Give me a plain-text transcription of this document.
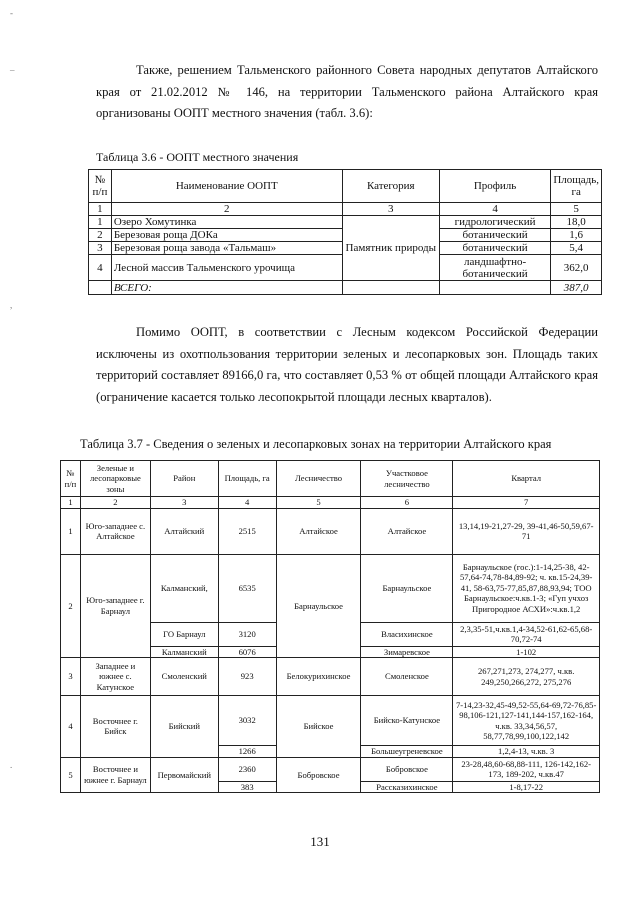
-
_
,
.
Также, решением Тальменского районного Совета народных депутатов Алтайского края от 21.02.2012 № 146, на территории Тальменского района Алтайского края организованы ООПТ местного значения (табл. 3.6):
Таблица 3.6 - ООПТ местного значения
№ п/п	Наименование ООПТ	Категория	Профиль	Площадь, га
1	2	3	4	5
1	Озеро Хомутинка	Памятник природы	гидрологический	18,0
2	Березовая роща ДОКа		ботанический	1,6
3	Березовая роща завода «Тальмаш»		ботанический	5,4
4	Лесной массив Тальменского урочища		ландшафтно-ботанический	362,0
	ВСЕГО:			387,0
Помимо ООПТ, в соответствии с Лесным кодексом Российской Федерации исключены из охотпользования территории зеленых и лесопарковых зон. Площадь таких территорий составляет 89166,0 га, что составляет 0,53 % от общей площади Алтайского края (ограничение касается только лесопокрытой площади лесных кварталов).
Таблица 3.7 - Сведения о зеленых и лесопарковых зонах на территории Алтайского края
№ п/п	Зеленые и лесопарковые зоны	Район	Площадь, га	Лесничество	Участковое лесничество	Квартал
1	2	3	4	5	6	7
1	Юго-западнее с. Алтайское	Алтайский	2515	Алтайское	Алтайское	13,14,19-21,27-29, 39-41,46-50,59,67-71
2	Юго-западнее г. Барнаул	Калманский,	6535	Барнаульское	Барнаульское	Барнаульское (гос.):1-14,25-38, 42-57,64-74,78-84,89-92; ч. кв.15-24,39-41, 58-63,75-77,85,87,88,93,94; ТОО Барнаульское:ч.кв.1-3; «Гуп учхоз Пригородное АСХИ»:ч.кв.1,2
		ГО Барнаул	3120		Власихинское	2,3,35-51,ч.кв.1,4-34,52-61,62-65,68-70,72-74
		Калманский	6076		Зимаревское	1-102
3	Западнее и южнее с. Катунское	Смоленский	923	Белокурихинское	Смоленское	267,271,273, 274,277, ч.кв. 249,250,266,272, 275,276
4	Восточнее г. Бийск	Бийский	3032	Бийское	Бийско-Катунское	7-14,23-32,45-49,52-55,64-69,72-76,85-98,106-121,127-141,144-157,162-164, ч.кв. 33,34,56,57, 58,77,78,99,100,122,142
			1266		Большеугреневское	1,2,4-13, ч.кв. 3
5	Восточнее и южнее г. Барнаул	Первомайский	2360	Бобровское	Бобровское	23-28,48,60-68,88-111, 126-142,162-173, 189-202, ч.кв.47
			383		Рассказихинское	1-8,17-22
131
